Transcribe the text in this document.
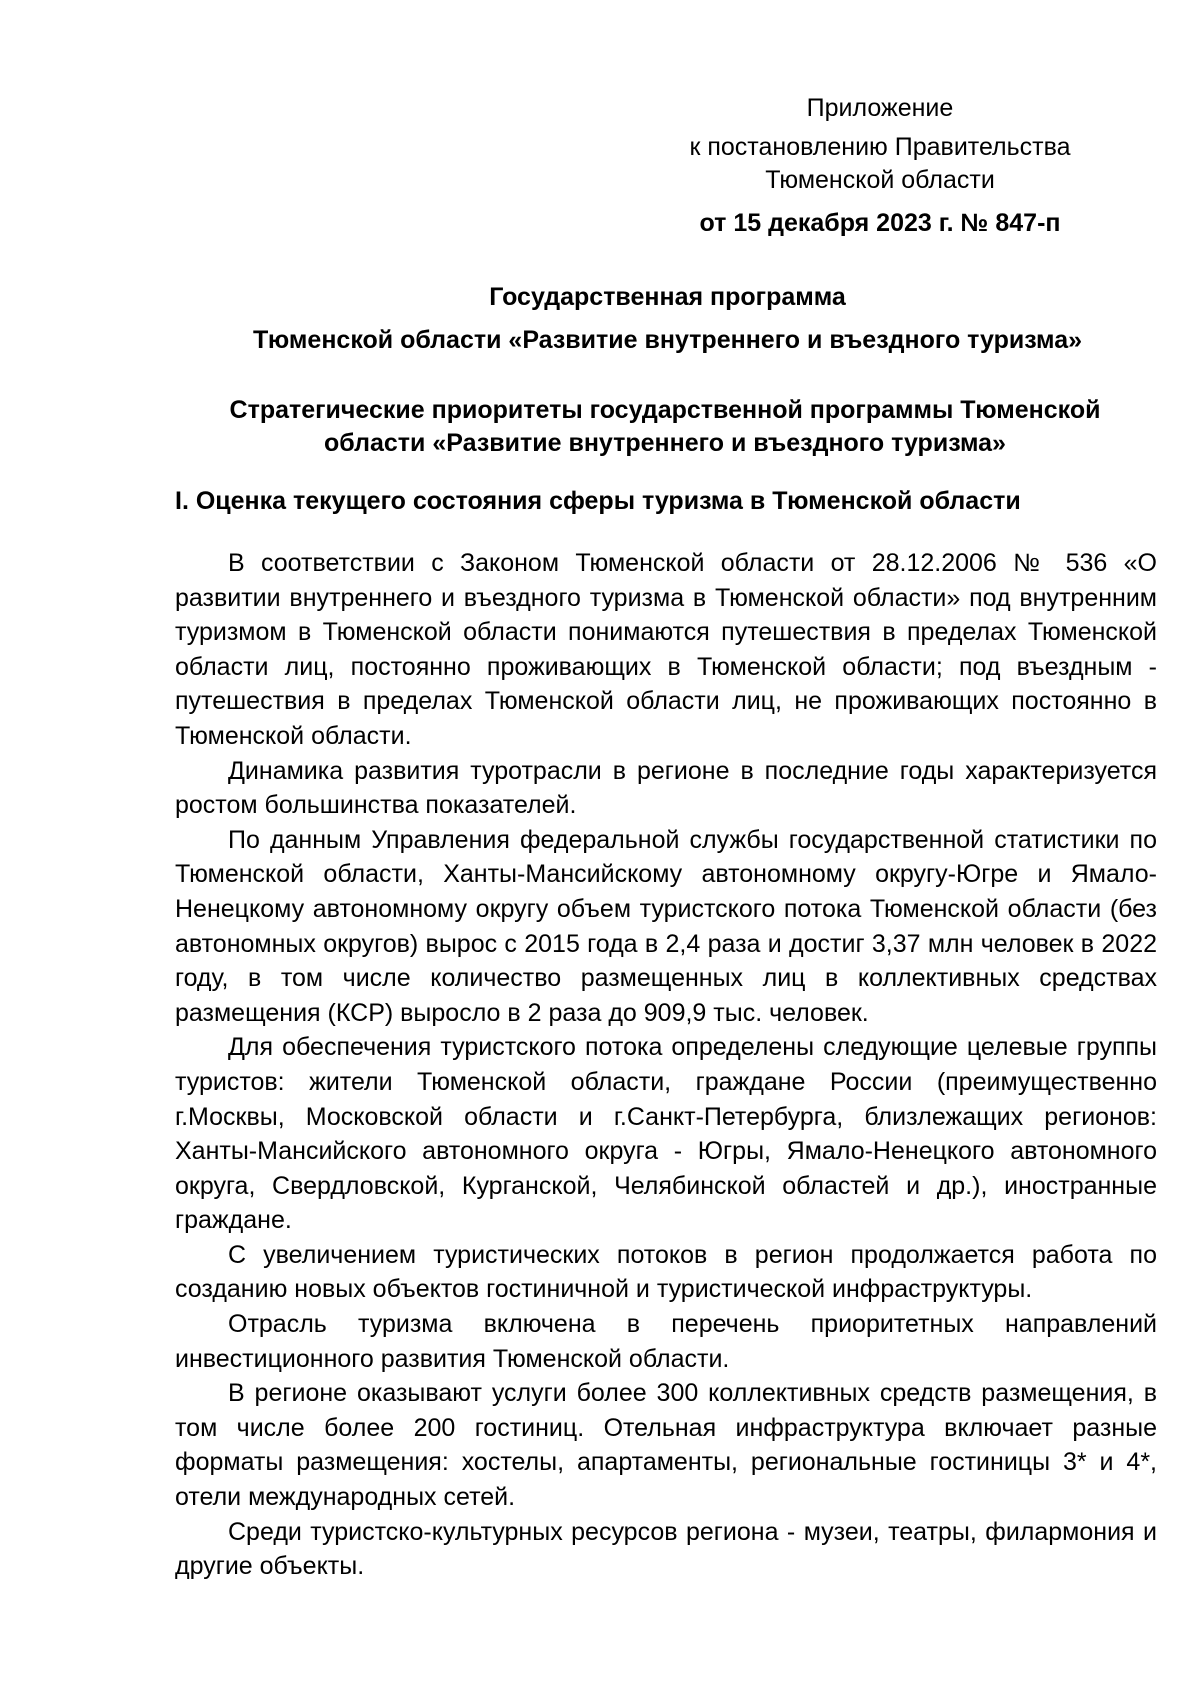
Приложение
к постановлению Правительства
Тюменской области
от 15 декабря 2023 г. № 847-п
Государственная программа
Тюменской области «Развитие внутреннего и въездного туризма»
Стратегические приоритеты государственной программы Тюменской
области «Развитие внутреннего и въездного туризма»
I. Оценка текущего состояния сферы туризма в Тюменской области

В соответствии с Законом Тюменской области от 28.12.2006 № 536 «О развитии внутреннего и въездного туризма в Тюменской области» под внутренним туризмом в Тюменской области понимаются путешествия в пределах Тюменской области лиц, постоянно проживающих в Тюменской области; под въездным - путешествия в пределах Тюменской области лиц, не проживающих постоянно в Тюменской области.

Динамика развития туротрасли в регионе в последние годы характеризуется ростом большинства показателей.

По данным Управления федеральной службы государственной статистики по Тюменской области, Ханты-Мансийскому автономному округу-Югре и Ямало-Ненецкому автономному округу объем туристского потока Тюменской области (без автономных округов) вырос с 2015 года в 2,4 раза и достиг 3,37 млн человек в 2022 году, в том числе количество размещенных лиц в коллективных средствах размещения (КСР) выросло в 2 раза до 909,9 тыс. человек.

Для обеспечения туристского потока определены следующие целевые группы туристов: жители Тюменской области, граждане России (преимущественно г.Москвы, Московской области и г.Санкт-Петербурга, близлежащих регионов: Ханты-Мансийского автономного округа - Югры, Ямало-Ненецкого автономного округа, Свердловской, Курганской, Челябинской областей и др.), иностранные граждане.

С увеличением туристических потоков в регион продолжается работа по созданию новых объектов гостиничной и туристической инфраструктуры.

Отрасль туризма включена в перечень приоритетных направлений инвестиционного развития Тюменской области.

В регионе оказывают услуги более 300 коллективных средств размещения, в том числе более 200 гостиниц. Отельная инфраструктура включает разные форматы размещения: хостелы, апартаменты, региональные гостиницы 3* и 4*, отели международных сетей.

Среди туристско-культурных ресурсов региона - музеи, театры, филармония и другие объекты.
